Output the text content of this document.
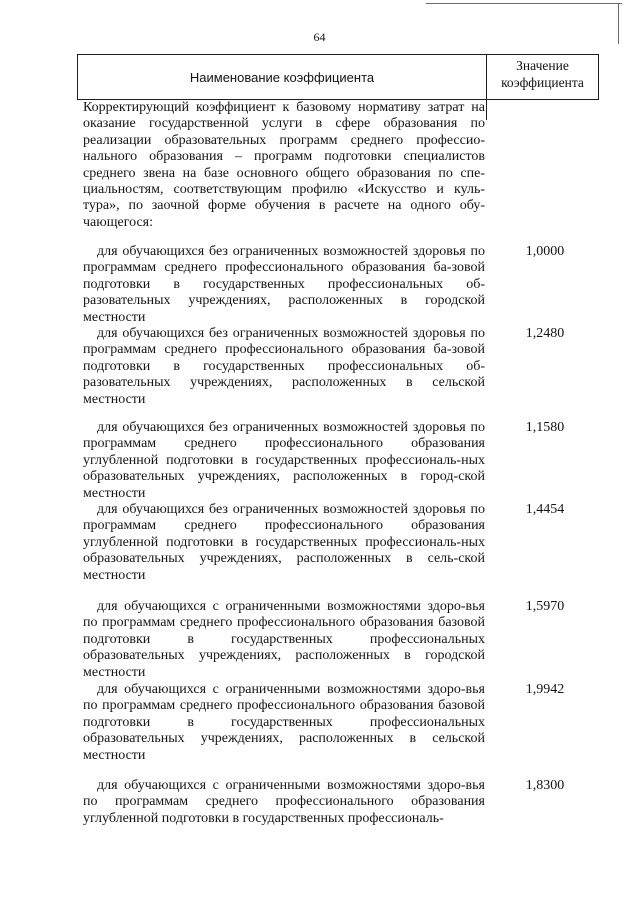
64
Наименование коэффициента
Значение
коэффициента
Корректирующий коэффициент к базовому нормативу затрат на оказание государственной услуги в сфере образования по реализации образовательных программ среднего профессио-нального образования – программ подготовки специалистов среднего звена на базе основного общего образования по спе-циальностям, соответствующим профилю «Искусство и куль-тура», по заочной форме обучения в расчете на одного обу-чающегося:
для обучающихся без ограниченных возможностей здоровья по программам среднего профессионального образования ба-зовой подготовки в государственных профессиональных об-разовательных учреждениях, расположенных в городской местности
1,0000
для обучающихся без ограниченных возможностей здоровья по программам среднего профессионального образования ба-зовой подготовки в государственных профессиональных об-разовательных учреждениях, расположенных в сельской местности
1,2480
для обучающихся без ограниченных возможностей здоровья по программам среднего профессионального образования углубленной подготовки в государственных профессиональ-ных образовательных учреждениях, расположенных в город-ской местности
1,1580
для обучающихся без ограниченных возможностей здоровья по программам среднего профессионального образования углубленной подготовки в государственных профессиональ-ных образовательных учреждениях, расположенных в сель-ской местности
1,4454
для обучающихся с ограниченными возможностями здоро-вья по программам среднего профессионального образования базовой подготовки в государственных профессиональных образовательных учреждениях, расположенных в городской местности
1,5970
для обучающихся с ограниченными возможностями здоро-вья по программам среднего профессионального образования базовой подготовки в государственных профессиональных образовательных учреждениях, расположенных в сельской местности
1,9942
для обучающихся с ограниченными возможностями здоро-вья по программам среднего профессионального образования углубленной подготовки в государственных профессиональ-
1,8300
